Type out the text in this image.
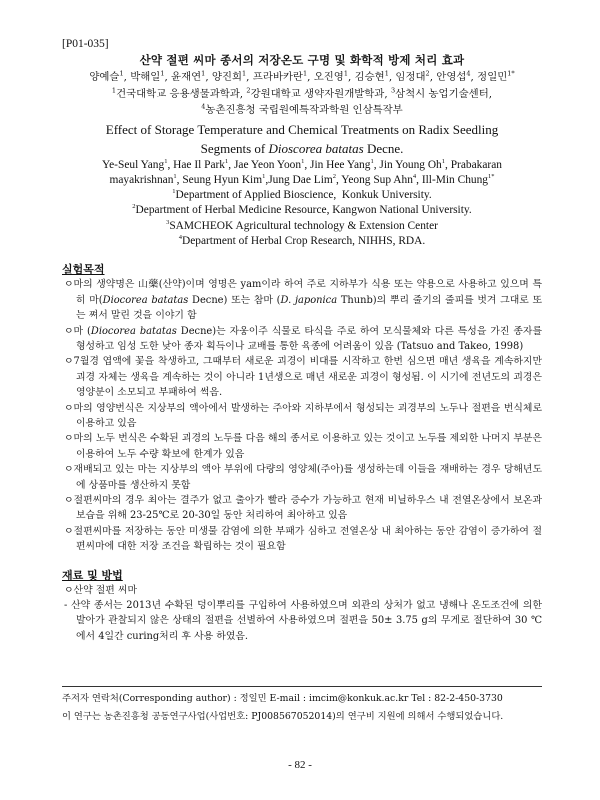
[P01-035]
산약 절편 씨마 종서의 저장온도 구명 및 화학적 방제 처리 효과
양예슬$^1$, 박해일$^1$, 윤재연$^1$, 양진희$^1$, 프라바카란$^1$, 오진영$^1$, 김승현$^1$, 임정대$^2$, 안영섭$^4$, 정일민$^{1*}$
$^1$건국대학교 응용생물과학과, $^2$강원대학교 생약자원개발학과, $^3$삼척시 농업기술센터,
$^4$농촌진흥청 국립원예특작과학원 인삼특작부
Effect of Storage Temperature and Chemical Treatments on Radix Seedling
Segments of Dioscorea batatas Decne.
Ye-Seul Yang$^1$, Hae Il Park$^1$, Jae Yeon Yoon$^1$, Jin Hee Yang$^1$, Jin Young Oh$^1$, Prabakaran
mayakrishnan$^1$, Seung Hyun Kim$^1$,Jung Dae Lim$^2$, Yeong Sup Ahn$^4$, Ill-Min Chung$^{1*}$
$^1$Department of Applied Bioscience,  Konkuk University.
$^2$Department of Herbal Medicine Resource, Kangwon National University.
$^3$SAMCHEOK Agricultural technology & Extension Center
$^4$Department of Herbal Crop Research, NIHHS, RDA.
실험목적
ㅇ마의 생약명은 山藥(산약)이며 영명은 yam이라 하여 주로 지하부가 식용 또는 약용으로 사용하고 있으며 특히 마(Diocorea batatas Decne) 또는 참마 (D. japonica Thunb)의 뿌리 줄기의 줄피를 벗겨 그대로 또는 쪄서 말린 것을 이야기 함
ㅇ마 (Diocorea batatas Decne)는 자웅이주 식물로 타식을 주로 하여 모식물체와 다른 특성을 가진 종자를 형성하고 임성 도한 낮아 종자 획득이나 교배를 통한 육종에 어려움이 있음 (Tatsuo and Takeo, 1998)
ㅇ7월경 엽액에 꽃을 착생하고, 그때부터 새로운 괴경이 비대를 시작하고 한번 심으면 매년 생육을 계속하지만 괴경 자체는 생육을 계속하는 것이 아니라 1년생으로 매년 새로운 괴경이 형성됨. 이 시기에 전년도의 괴경은 영양분이 소모되고 부패하여 썩음.
ㅇ마의 영양번식은 지상부의 액아에서 발생하는 주아와 지하부에서 형성되는 괴경부의 노두나 절편을 번식체로 이용하고 있음
ㅇ마의 노두 번식은 수확된 괴경의 노두를 다음 해의 종서로 이용하고 있는 것이고 노두를 제외한 나머지 부분은 이용하여 노두 수량 확보에 한계가 있음
ㅇ재배되고 있는 마는 지상부의 액아 부위에 다량의 영양체(주아)를 생성하는데 이들을 재배하는 경우 당해년도에 상품마를 생산하지 못함
ㅇ절편씨마의 경우 최아는 결주가 없고 출아가 빨라 증수가 가능하고 현재 비닐하우스 내 전열온상에서 보온과 보습을 위해 23-25℃로 20-30일 동안 처리하여 최아하고 있음
ㅇ절편씨마를 저장하는 동안 미생물 감염에 의한 부패가 심하고 전열온상 내 최아하는 동안 감염이 증가하여 절편씨마에 대한 저장 조건을 확립하는 것이 필요함
재료 및 방법
ㅇ산약 절편 씨마
- 산약 종서는 2013년 수확된 덩이뿌리를 구입하여 사용하였으며 외관의 상처가 없고 냉해나 온도조건에 의한 발아가 관찰되지 않은 상태의 절편을 선별하여 사용하였으며 절편을 50± 3.75 g의 무게로 절단하여 30 ℃에서 4일간 curing처리 후 사용 하였음.
주저자 연락처(Corresponding author) : 정일민 E-mail : imcim@konkuk.ac.kr Tel : 82-2-450-3730
이 연구는 농촌진흥청 공동연구사업(사업번호: PJ008567052014)의 연구비 지원에 의해서 수행되었습니다.
- 82 -
